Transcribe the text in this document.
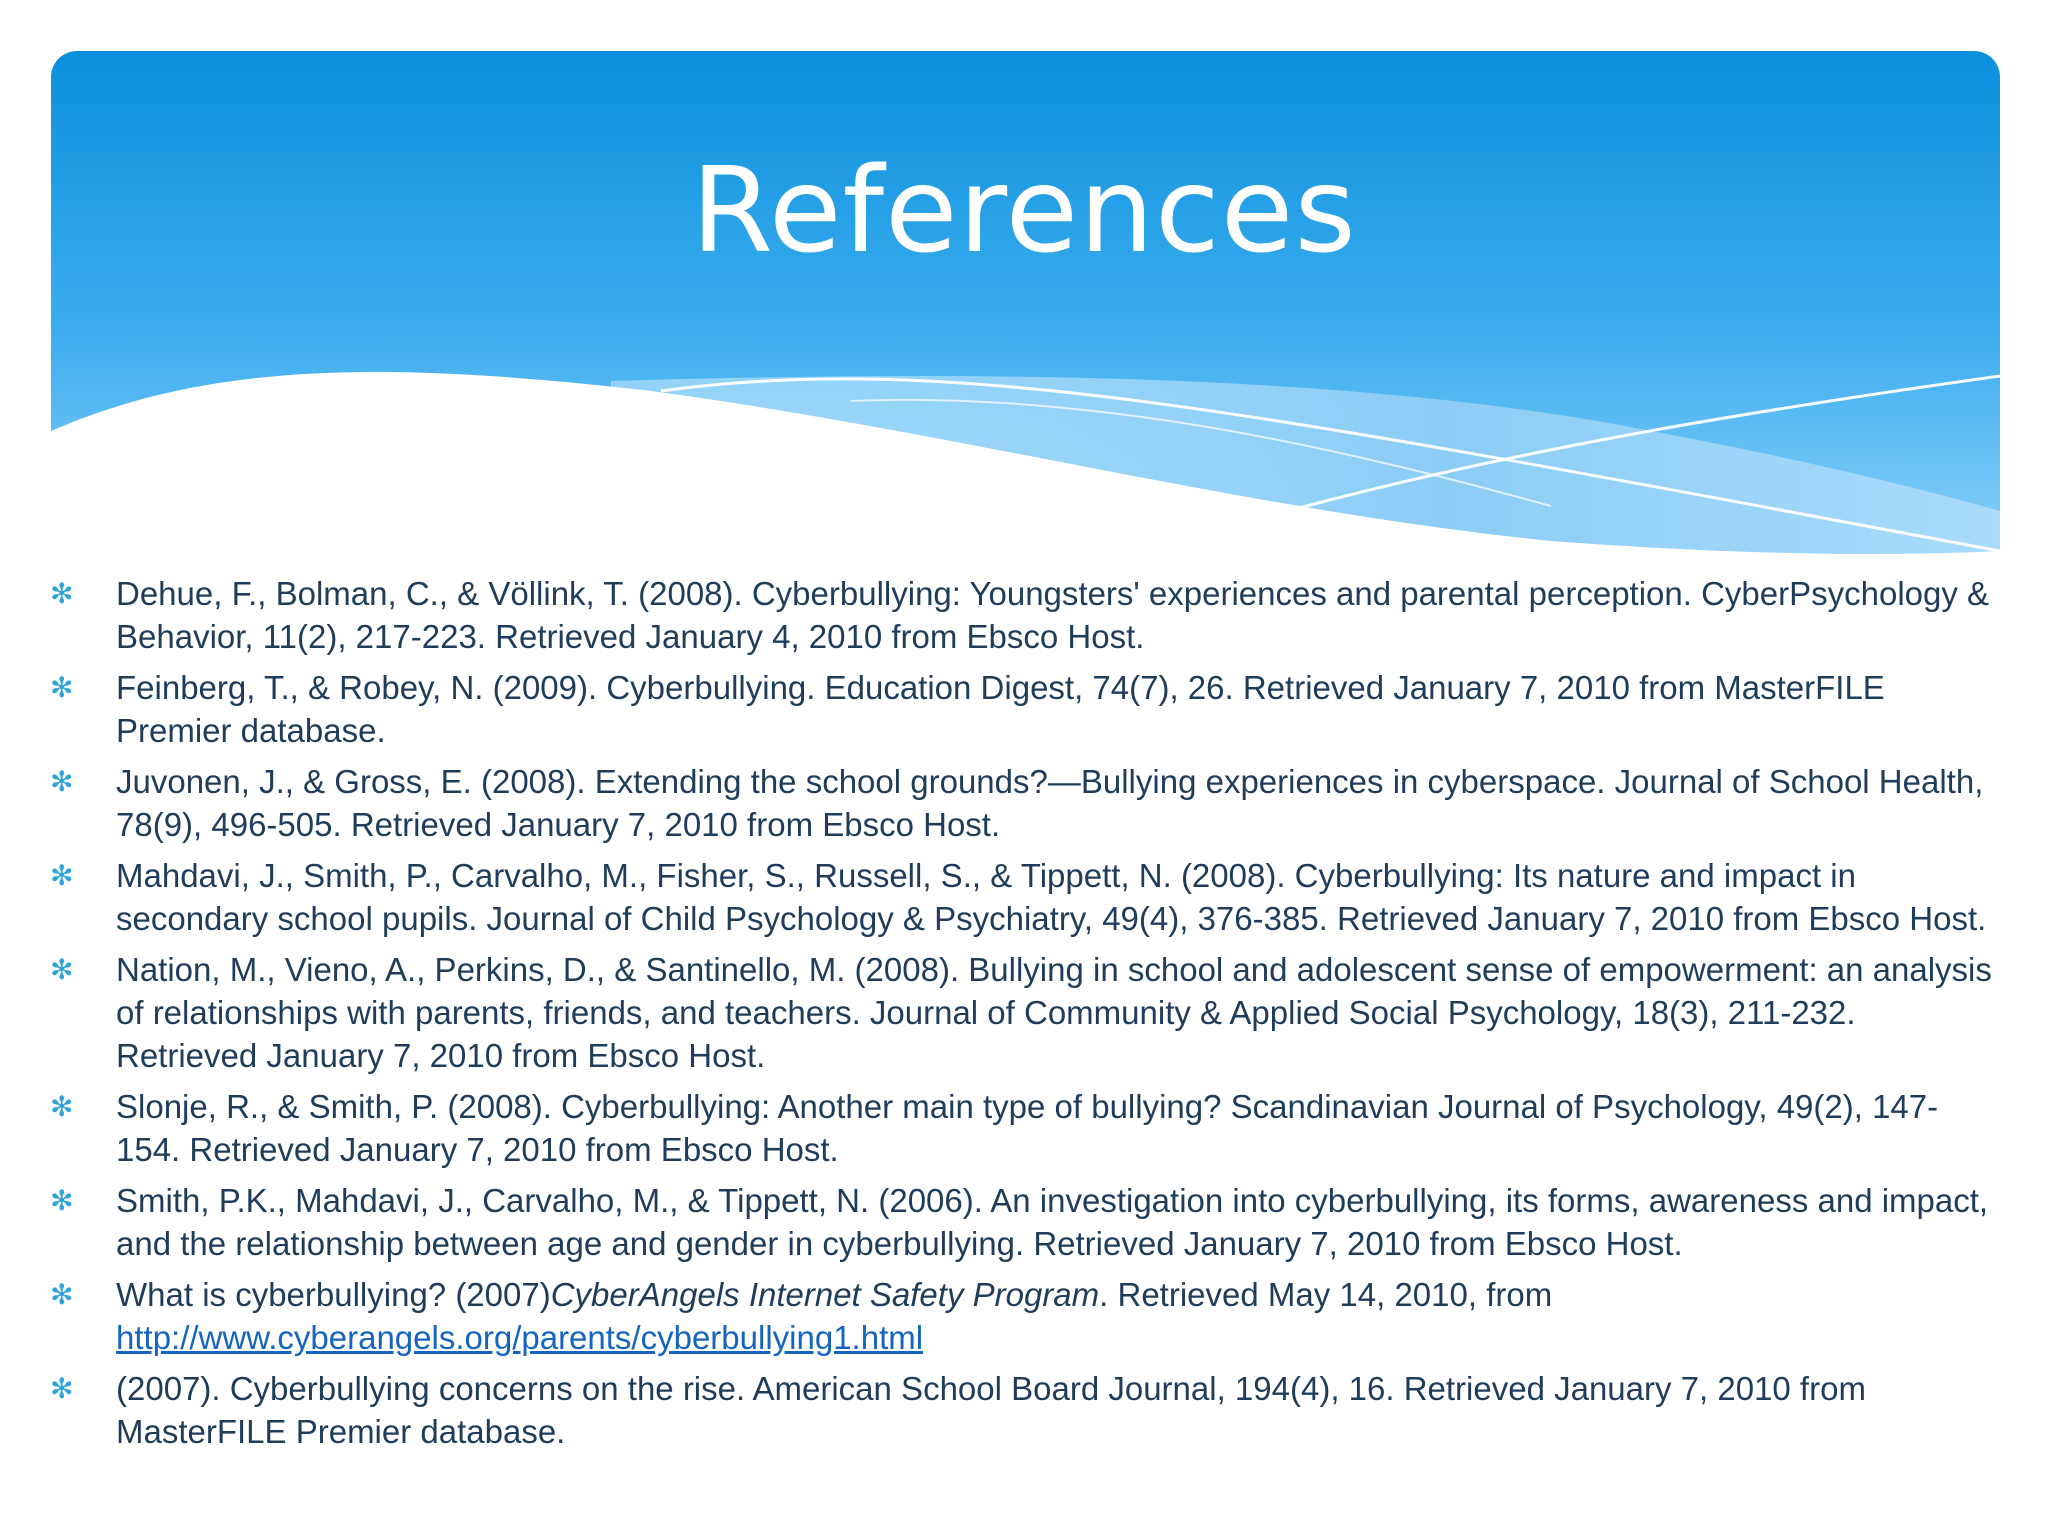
References
✻ Dehue, F., Bolman, C., & Völlink, T. (2008). Cyberbullying: Youngsters' experiences and parental perception. CyberPsychology & Behavior, 11(2), 217-223. Retrieved January 4, 2010 from Ebsco Host.
✻ Feinberg, T., & Robey, N. (2009). Cyberbullying. Education Digest, 74(7), 26. Retrieved January 7, 2010 from MasterFILE Premier database.
✻ Juvonen, J., & Gross, E. (2008). Extending the school grounds?—Bullying experiences in cyberspace. Journal of School Health, 78(9), 496-505. Retrieved January 7, 2010 from Ebsco Host.
✻ Mahdavi, J., Smith, P., Carvalho, M., Fisher, S., Russell, S., & Tippett, N. (2008). Cyberbullying: Its nature and impact in secondary school pupils. Journal of Child Psychology & Psychiatry, 49(4), 376-385. Retrieved January 7, 2010 from Ebsco Host.
✻ Nation, M., Vieno, A., Perkins, D., & Santinello, M. (2008). Bullying in school and adolescent sense of empowerment: an analysis of relationships with parents, friends, and teachers. Journal of Community & Applied Social Psychology, 18(3), 211-232. Retrieved January 7, 2010 from Ebsco Host.
✻ Slonje, R., & Smith, P. (2008). Cyberbullying: Another main type of bullying? Scandinavian Journal of Psychology, 49(2), 147-154. Retrieved January 7, 2010 from Ebsco Host.
✻ Smith, P.K., Mahdavi, J., Carvalho, M., & Tippett, N. (2006). An investigation into cyberbullying, its forms, awareness and impact, and the relationship between age and gender in cyberbullying. Retrieved January 7, 2010 from Ebsco Host.
✻ What is cyberbullying? (2007)CyberAngels Internet Safety Program. Retrieved May 14, 2010, from
http://www.cyberangels.org/parents/cyberbullying1.html
✻ (2007). Cyberbullying concerns on the rise. American School Board Journal, 194(4), 16. Retrieved January 7, 2010 from MasterFILE Premier database.
